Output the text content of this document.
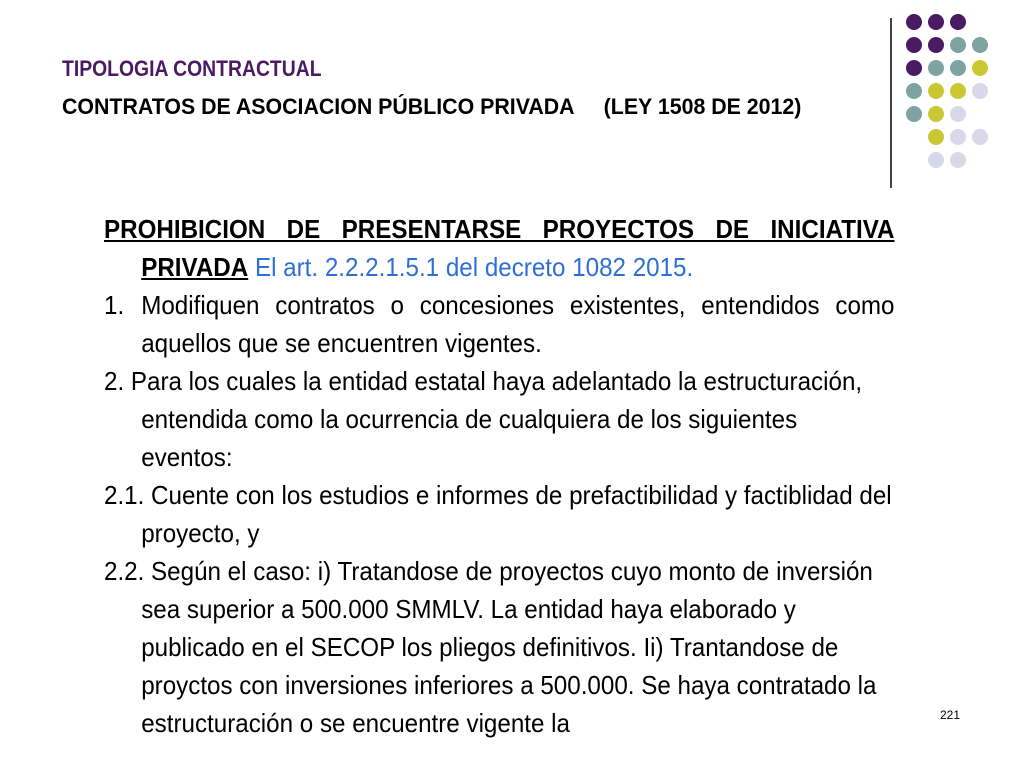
TIPOLOGIA CONTRACTUAL
CONTRATOS DE ASOCIACION PÚBLICO PRIVADA (LEY 1508 DE 2012)

PROHIBICION DE PRESENTARSE PROYECTOS DE INICIATIVA

PRIVADA El art. 2.2.2.1.5.1 del decreto 1082 2015.

1. Modifiquen contratos o concesiones existentes, entendidos como aquellos que se encuentren vigentes.

2. Para los cuales la entidad estatal haya adelantado la estructuración, entendida como la ocurrencia de cualquiera de los siguientes eventos:

2.1. Cuente con los estudios e informes de prefactibilidad y factiblidad del proyecto, y

2.2. Según el caso: i) Tratandose de proyectos cuyo monto de inversión sea superior a 500.000 SMMLV. La entidad haya elaborado y publicado en el SECOP los pliegos definitivos. Ii) Trantandose de proyctos con inversiones inferiores a 500.000. Se haya contratado la estructuración o se encuentre vigente la	221
